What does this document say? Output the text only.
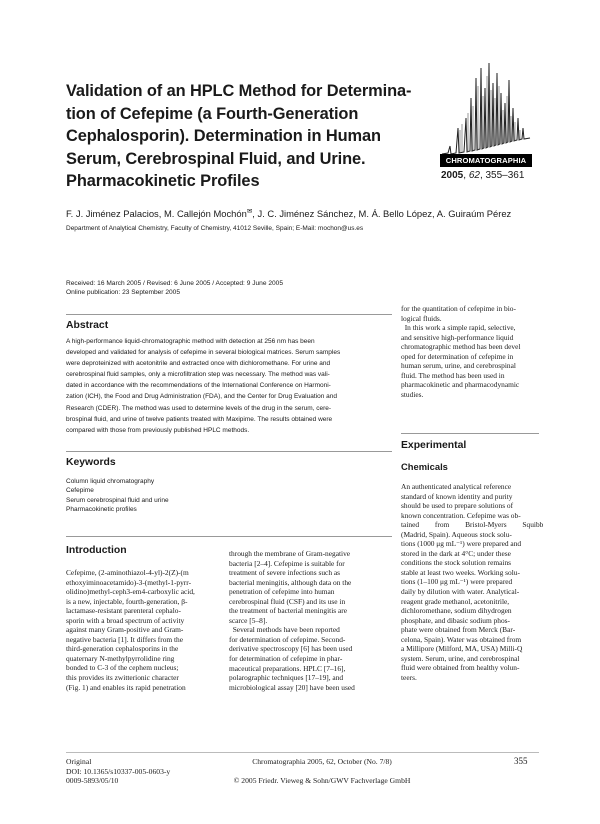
Validation of an HPLC Method for Determina-
tion of Cefepime (a Fourth-Generation
Cephalosporin). Determination in Human
Serum, Cerebrospinal Fluid, and Urine.
Pharmacokinetic Profiles
CHROMATOGRAPHIA
2005, 62, 355–361
F. J. Jiménez Palacios, M. Callejón Mochón✉, J. C. Jiménez Sánchez, M. Á. Bello López, A. Guiraúm Pérez
Department of Analytical Chemistry, Faculty of Chemistry, 41012 Seville, Spain; E-Mail: mochon@us.es
Received: 16 March 2005 / Revised: 6 June 2005 / Accepted: 9 June 2005
Online publication: 23 September 2005
Abstract
A high-performance liquid-chromatographic method with detection at 256 nm has been
developed and validated for analysis of cefepime in several biological matrices. Serum samples
were deproteinized with acetonitrile and extracted once with dichloromethane. For urine and
cerebrospinal fluid samples, only a microfiltration step was necessary. The method was vali-
dated in accordance with the recommendations of the International Conference on Harmoni-
zation (ICH), the Food and Drug Administration (FDA), and the Center for Drug Evaluation and
Research (CDER). The method was used to determine levels of the drug in the serum, cere-
brospinal fluid, and urine of twelve patients treated with Maxipime. The results obtained were
compared with those from previously published HPLC methods.
Keywords
Column liquid chromatography
Cefepime
Serum cerebrospinal fluid and urine
Pharmacokinetic profiles
Introduction
Cefepime, (2-aminothiazol-4-yl)-2(Z)-(m
ethoxyiminoacetamido)-3-(methyl-1-pyrr-
olidino)methyl-ceph3-em4-carboxylic acid,
is a new, injectable, fourth-generation, β-
lactamase-resistant parenteral cephalo-
sporin with a broad spectrum of activity
against many Gram-positive and Gram-
negative bacteria [1]. It differs from the
third-generation cephalosporins in the
quaternary N-methylpyrrolidine ring
bonded to C-3 of the cephem nucleus;
this provides its zwitterionic character
(Fig. 1) and enables its rapid penetration
through the membrane of Gram-negative
bacteria [2–4]. Cefepime is suitable for
treatment of severe infections such as
bacterial meningitis, although data on the
penetration of cefepime into human
cerebrospinal fluid (CSF) and its use in
the treatment of bacterial meningitis are
scarce [5–8].
Several methods have been reported
for determination of cefepime. Second-
derivative spectroscopy [6] has been used
for determination of cefepime in phar-
maceutical preparations. HPLC [7–16],
polarographic techniques [17–19], and
microbiological assay [20] have been used
for the quantitation of cefepime in bio-
logical fluids.
In this work a simple rapid, selective,
and sensitive high-performance liquid
chromatographic method has been devel
oped for determination of cefepime in
human serum, urine, and cerebrospinal
fluid. The method has been used in
pharmacokinetic and pharmacodynamic
studies.
Experimental
Chemicals
An authenticated analytical reference
standard of known identity and purity
should be used to prepare solutions of
known concentration. Cefepime was ob-
tained from Bristol-Myers Squibb
(Madrid, Spain). Aqueous stock solu-
tions (1000 μg mL⁻¹) were prepared and
stored in the dark at 4°C; under these
conditions the stock solution remains
stable at least two weeks. Working solu-
tions (1–100 μg mL⁻¹) were prepared
daily by dilution with water. Analytical-
reagent grade methanol, acetonitrile,
dichloromethane, sodium dihydrogen
phosphate, and dibasic sodium phos-
phate were obtained from Merck (Bar-
celona, Spain). Water was obtained from
a Millipore (Milford, MA, USA) Milli-Q
system. Serum, urine, and cerebrospinal
fluid were obtained from healthy volun-
teers.
Original
DOI: 10.1365/s10337-005-0603-y
0009-5893/05/10
Chromatographia 2005, 62, October (No. 7/8)
© 2005 Friedr. Vieweg & Sohn/GWV Fachverlage GmbH
355
